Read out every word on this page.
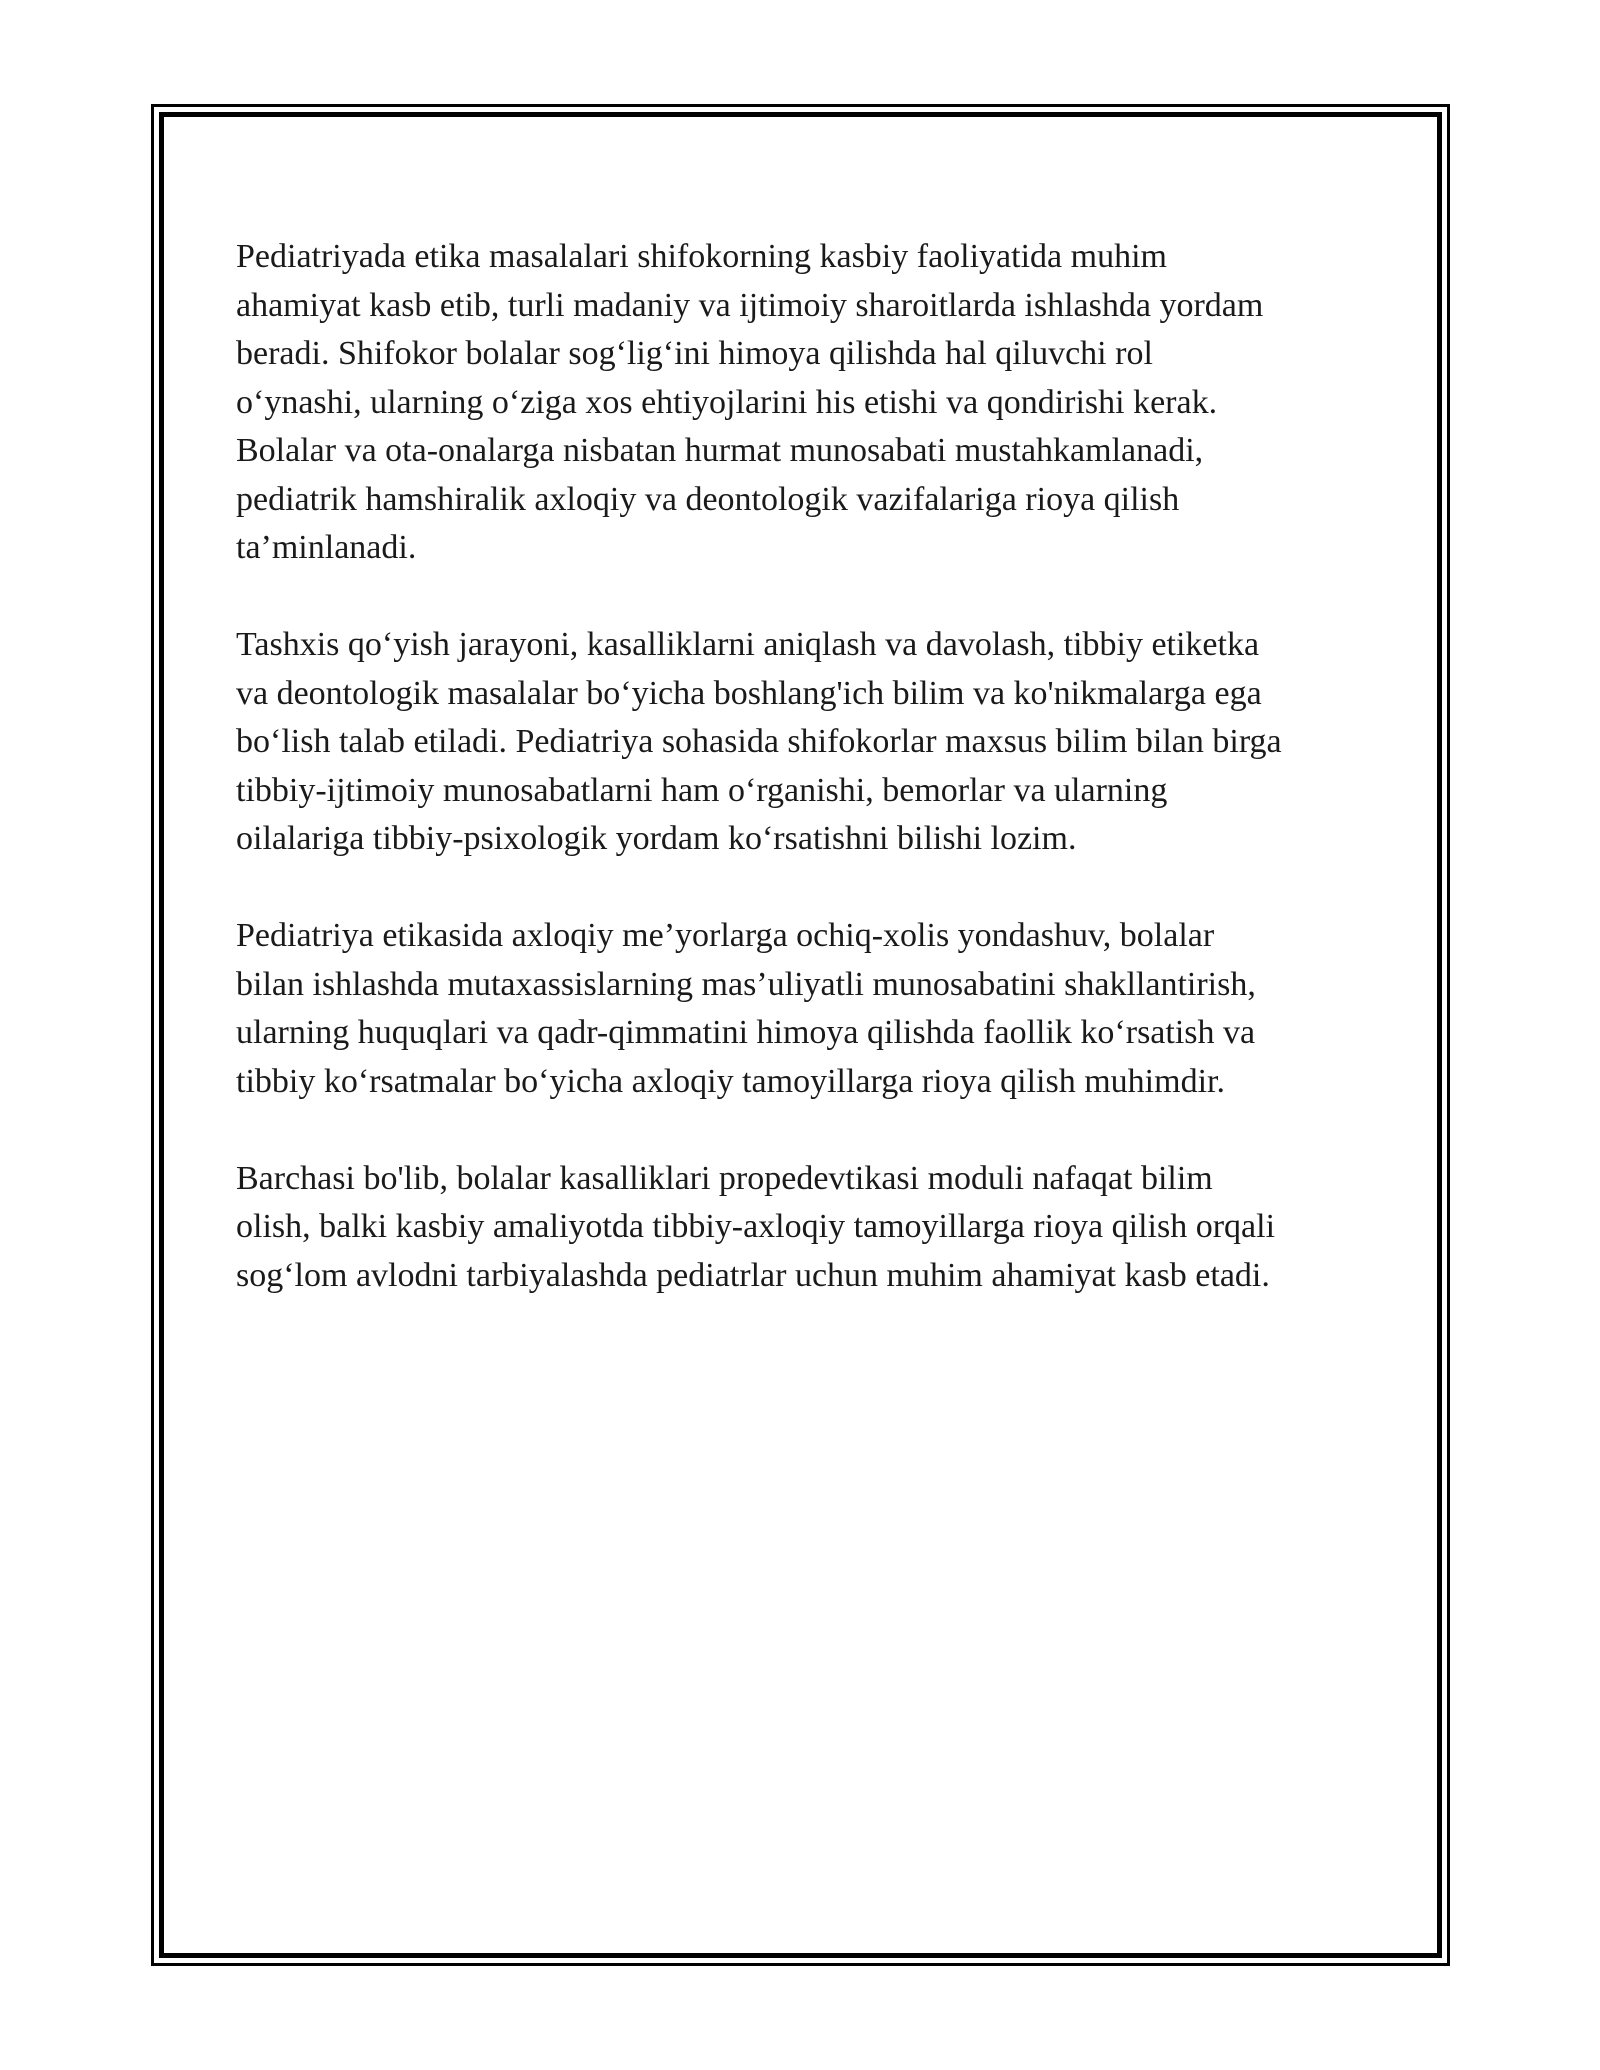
Pediatriyada etika masalalari shifokorning kasbiy faoliyatida muhim
ahamiyat kasb etib, turli madaniy va ijtimoiy sharoitlarda ishlashda yordam
beradi. Shifokor bolalar sog‘lig‘ini himoya qilishda hal qiluvchi rol
o‘ynashi, ularning o‘ziga xos ehtiyojlarini his etishi va qondirishi kerak.
Bolalar va ota-onalarga nisbatan hurmat munosabati mustahkamlanadi,
pediatrik hamshiralik axloqiy va deontologik vazifalariga rioya qilish
ta’minlanadi.

Tashxis qo‘yish jarayoni, kasalliklarni aniqlash va davolash, tibbiy etiketka
va deontologik masalalar bo‘yicha boshlang'ich bilim va ko'nikmalarga ega
bo‘lish talab etiladi. Pediatriya sohasida shifokorlar maxsus bilim bilan birga
tibbiy-ijtimoiy munosabatlarni ham o‘rganishi, bemorlar va ularning
oilalariga tibbiy-psixologik yordam ko‘rsatishni bilishi lozim.

Pediatriya etikasida axloqiy me’yorlarga ochiq-xolis yondashuv, bolalar
bilan ishlashda mutaxassislarning mas’uliyatli munosabatini shakllantirish,
ularning huquqlari va qadr-qimmatini himoya qilishda faollik ko‘rsatish va
tibbiy ko‘rsatmalar bo‘yicha axloqiy tamoyillarga rioya qilish muhimdir.

Barchasi bo'lib, bolalar kasalliklari propedevtikasi moduli nafaqat bilim
olish, balki kasbiy amaliyotda tibbiy-axloqiy tamoyillarga rioya qilish orqali
sog‘lom avlodni tarbiyalashda pediatrlar uchun muhim ahamiyat kasb etadi.
